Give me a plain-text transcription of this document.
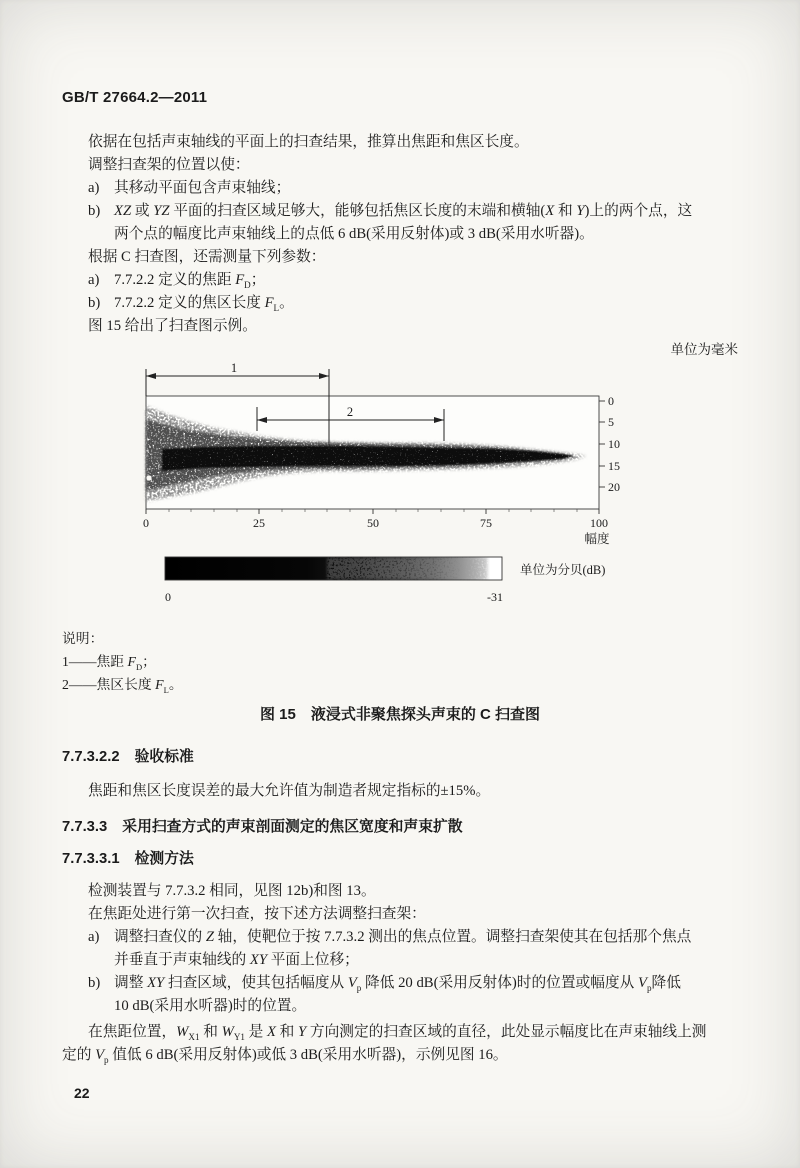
GB/T 27664.2—2011
依据在包括声束轴线的平面上的扫查结果，推算出焦距和焦区长度。
调整扫查架的位置以使：
a) 其移动平面包含声束轴线；
b) XZ 或 YZ 平面的扫查区域足够大，能够包括焦区长度的末端和横轴(X 和 Y)上的两个点，这
两个点的幅度比声束轴线上的点低 6 dB(采用反射体)或 3 dB(采用水听器)。
根据 C 扫查图，还需测量下列参数：
a) 7.7.2.2 定义的焦距 $F_D$；
b) 7.7.2.2 定义的焦区长度 $F_L$。
图 15 给出了扫查图示例。
单位为毫米
1
2
0
5
10
15
20
0	25	50	75	100
幅度
0	-31
单位为分贝(dB)
说明：
1——焦距 $F_D$；
2——焦区长度 $F_L$。
图 15　液浸式非聚焦探头声束的 C 扫查图
7.7.3.2.2 验收标准
焦距和焦区长度误差的最大允许值为制造者规定指标的±15%。
7.7.3.3 采用扫查方式的声束剖面测定的焦区宽度和声束扩散
7.7.3.3.1 检测方法
检测装置与 7.7.3.2 相同，见图 12b)和图 13。
在焦距处进行第一次扫查，按下述方法调整扫查架：
a) 调整扫查仪的 Z 轴，使靶位于按 7.7.3.2 测出的焦点位置。调整扫查架使其在包括那个焦点
并垂直于声束轴线的 XY 平面上位移；
b) 调整 XY 扫查区域，使其包括幅度从 $V_p$ 降低 20 dB(采用反射体)时的位置或幅度从 $V_p$降低
10 dB(采用水听器)时的位置。
在焦距位置，$W_{X1}$ 和 $W_{Y1}$ 是 X 和 Y 方向测定的扫查区域的直径，此处显示幅度比在声束轴线上测
定的 $V_p$ 值低 6 dB(采用反射体)或低 3 dB(采用水听器)，示例见图 16。
22
